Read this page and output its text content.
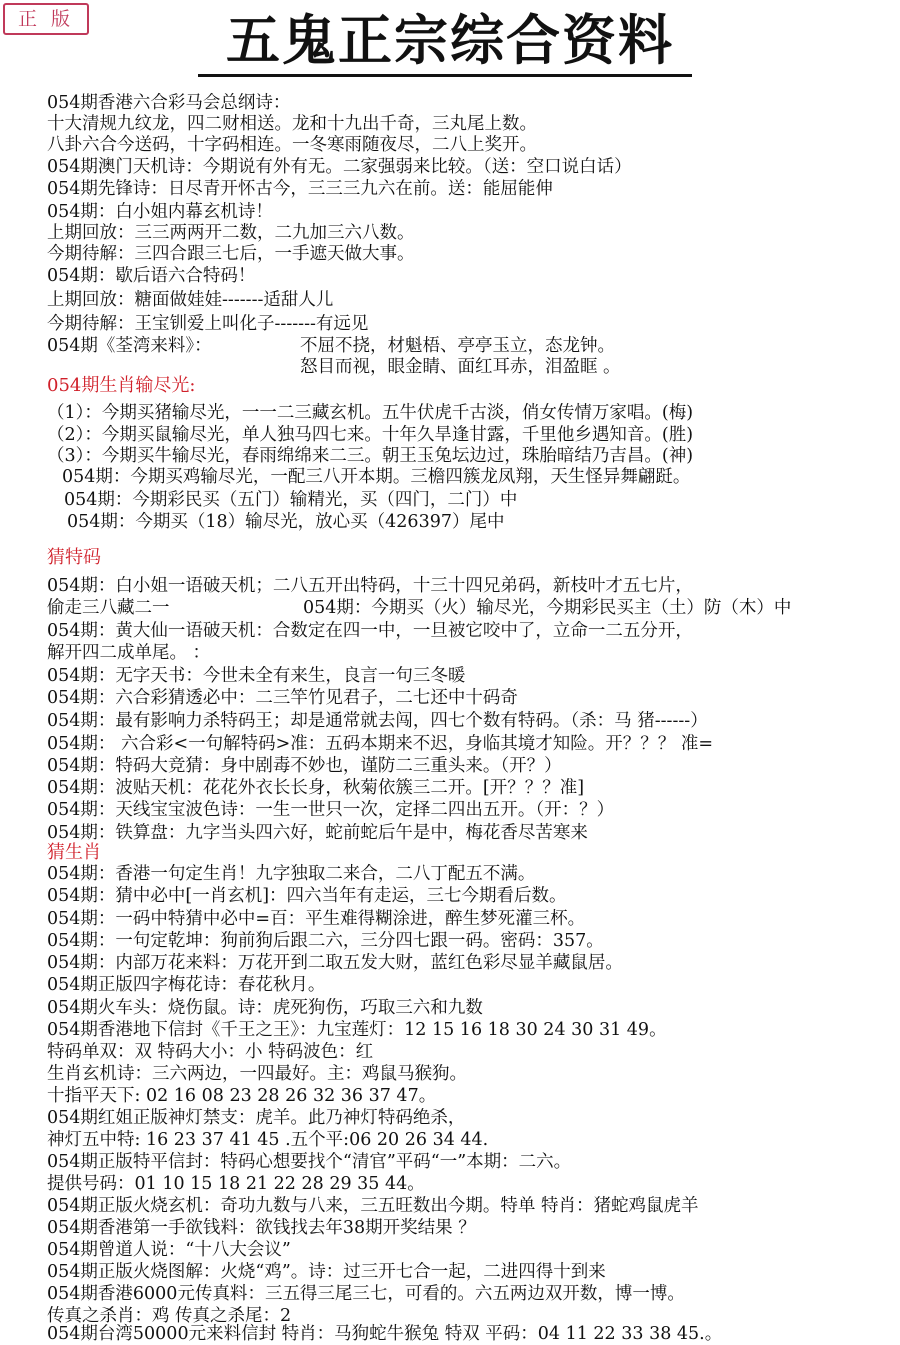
正 版	五鬼正宗综合资料
054期香港六合彩马会总纲诗：
十大清规九纹龙，四二财相送。龙和十九出千奇，三丸尾上数。
八卦六合今送码，十字码相连。一冬寒雨随夜尽，二八上奖开。
054期澳门天机诗：今期说有外有无。二家强弱来比较。（送：空口说白话）
054期先锋诗：日尽青开怀古今，三三三九六在前。送：能屈能伸
054期：白小姐内幕玄机诗！
上期回放：三三两两开二数，二九加三六八数。
今期待解：三四合跟三七后，一手遮天做大事。
054期：歇后语六合特码！
上期回放：糖面做娃娃-------适甜人儿
今期待解：王宝钏爱上叫化子-------有远见
054期《荃湾来料》：	不屈不挠，材魁梧、亭亭玉立，态龙钟。
怒目而视，眼金睛、面红耳赤，泪盈眶 。
054期生肖输尽光:
（1）：今期买猪输尽光，一一二三藏玄机。五牛伏虎千古淡，俏女传情万家唱。(梅)
（2）：今期买鼠输尽光，单人独马四七来。十年久旱逢甘露，千里他乡遇知音。(胜)
（3）：今期买牛输尽光，春雨绵绵来二三。朝王玉兔坛边过，珠胎暗结乃吉昌。(神)
054期：今期买鸡输尽光，一配三八开本期。三檐四簇龙凤翔，天生怪异舞翩跹。
054期：今期彩民买（五门）输精光，买（四门，二门）中
054期：今期买（18）输尽光，放心买（426397）尾中
猜特码
054期：白小姐一语破天机；二八五开出特码，十三十四兄弟码，新枝叶才五七片，
偷走三八藏二一	054期：今期买（火）输尽光，今期彩民买主（土）防（木）中
054期：黄大仙一语破天机：合数定在四一中，一旦被它咬中了，立命一二五分开，
解开四二成单尾。 ：
054期：无字天书：今世未全有来生，良言一句三冬暖
054期：六合彩猜透必中：二三竿竹见君子，二七还中十码奇
054期：最有影响力杀特码王；却是通常就去闯，四七个数有特码。（杀：马 猪------）
054期： 六合彩<一句解特码>准：五码本期来不迟，身临其境才知险。开？？？ 准=
054期：特码大竞猜：身中剧毒不妙也，谨防二三重头来。（开？）
054期：波贴天机：花花外衣长长身，秋菊依簇三二开。[开？？？准]
054期：天线宝宝波色诗：一生一世只一次，定择二四出五开。（开：？）
054期：铁算盘：九字当头四六好，蛇前蛇后午是中，梅花香尽苦寒来
猜生肖
054期：香港一句定生肖！九字独取二来合，二八丁配五不满。
054期：猜中必中[一肖玄机]：四六当年有走运，三七今期看后数。
054期：一码中特猜中必中=百：平生难得糊涂进，醉生梦死灌三杯。
054期：一句定乾坤：狗前狗后跟二六，三分四七跟一码。密码：357。
054期：内部万花来料：万花开到二取五发大财，蓝红色彩尽显羊藏鼠居。
054期正版四字梅花诗：春花秋月。
054期火车头：烧伤鼠。诗：虎死狗伤，巧取三六和九数
054期香港地下信封《千王之王》：九宝莲灯：12 15 16 18 30 24 30 31 49。
特码单双：双 特码大小：小 特码波色：红
生肖玄机诗：三六两边，一四最好。主：鸡鼠马猴狗。
十指平天下: 02 16 08 23 28 26 32 36 37 47。
054期红姐正版神灯禁支：虎羊。此乃神灯特码绝杀，
神灯五中特: 16 23 37 41 45 .五个平:06 20 26 34 44.
054期正版特平信封：特码心想要找个“清官”平码“一”本期：二六。
提供号码：01 10 15 18 21 22 28 29 35 44。
054期正版火烧玄机：奇功九数与八来，三五旺数出今期。特单 特肖：猪蛇鸡鼠虎羊
054期香港第一手欲钱料：欲钱找去年38期开奖结果 ？
054期曾道人说：“十八大会议”
054期正版火烧图解：火烧“鸡”。诗：过三开七合一起，二进四得十到来
054期香港6000元传真料：三五得三尾三七，可看的。六五两边双开数，博一博。
传真之杀肖：鸡 传真之杀尾：2
054期台湾50000元来料信封 特肖：马狗蛇牛猴兔 特双 平码：04 11 22 33 38 45.。
